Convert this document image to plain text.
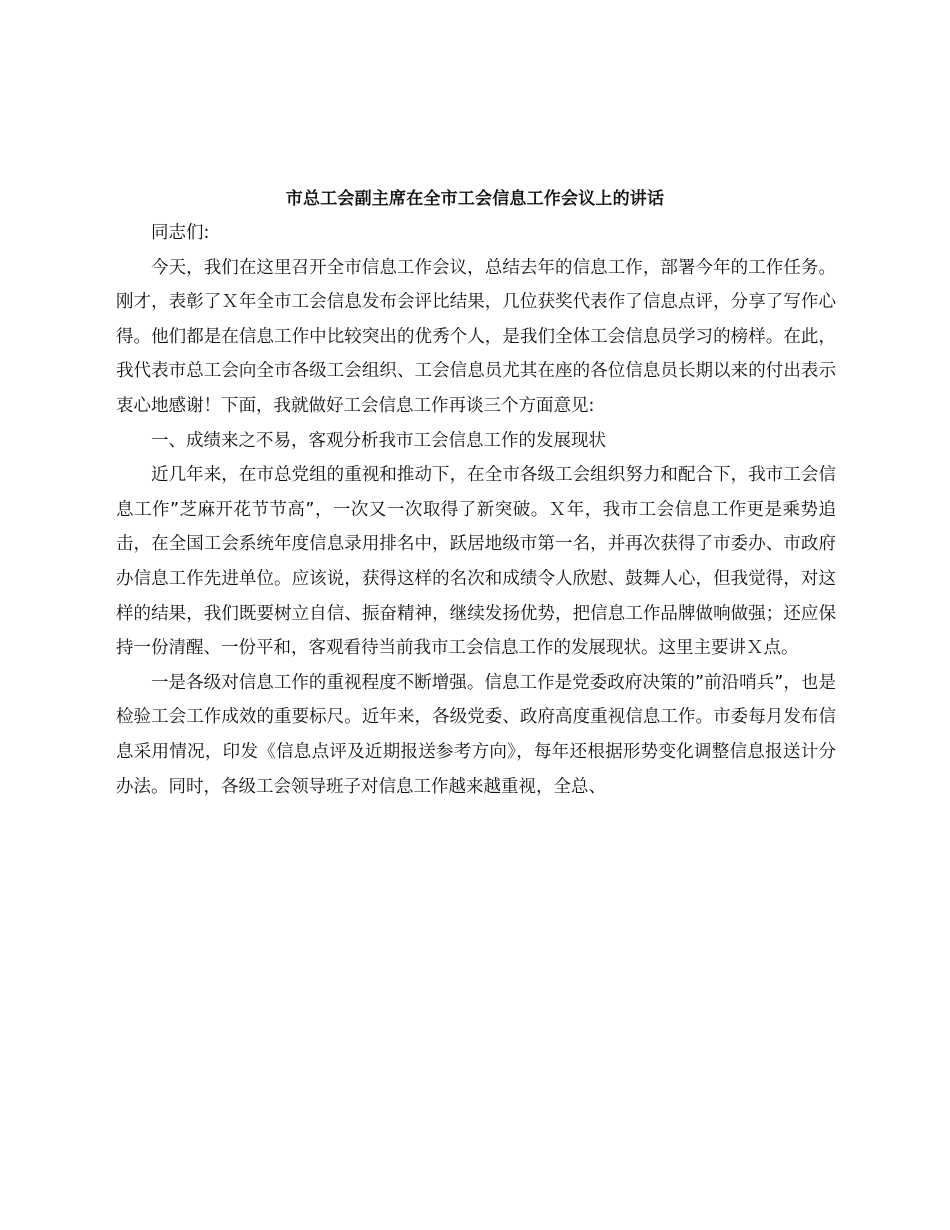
市总工会副主席在全市工会信息工作会议上的讲话

同志们:

今天，我们在这里召开全市信息工作会议，总结去年的信息工作，部署今年的工作任务。刚才，表彰了Ｘ年全市工会信息发布会评比结果，几位获奖代表作了信息点评，分享了写作心得。他们都是在信息工作中比较突出的优秀个人，是我们全体工会信息员学习的榜样。在此，我代表市总工会向全市各级工会组织、工会信息员尤其在座的各位信息员长期以来的付出表示衷心地感谢！下面，我就做好工会信息工作再谈三个方面意见:

一、成绩来之不易，客观分析我市工会信息工作的发展现状

近几年来，在市总党组的重视和推动下，在全市各级工会组织努力和配合下，我市工会信息工作”芝麻开花节节高”，一次又一次取得了新突破。Ｘ年，我市工会信息工作更是乘势追击，在全国工会系统年度信息录用排名中，跃居地级市第一名，并再次获得了市委办、市政府办信息工作先进单位。应该说，获得这样的名次和成绩令人欣慰、鼓舞人心，但我觉得，对这样的结果，我们既要树立自信、振奋精神，继续发扬优势，把信息工作品牌做响做强；还应保持一份清醒、一份平和，客观看待当前我市工会信息工作的发展现状。这里主要讲Ｘ点。

一是各级对信息工作的重视程度不断增强。信息工作是党委政府决策的”前沿哨兵”，也是检验工会工作成效的重要标尺。近年来，各级党委、政府高度重视信息工作。市委每月发布信息采用情况，印发《信息点评及近期报送参考方向》，每年还根据形势变化调整信息报送计分办法。同时，各级工会领导班子对信息工作越来越重视，全总、
